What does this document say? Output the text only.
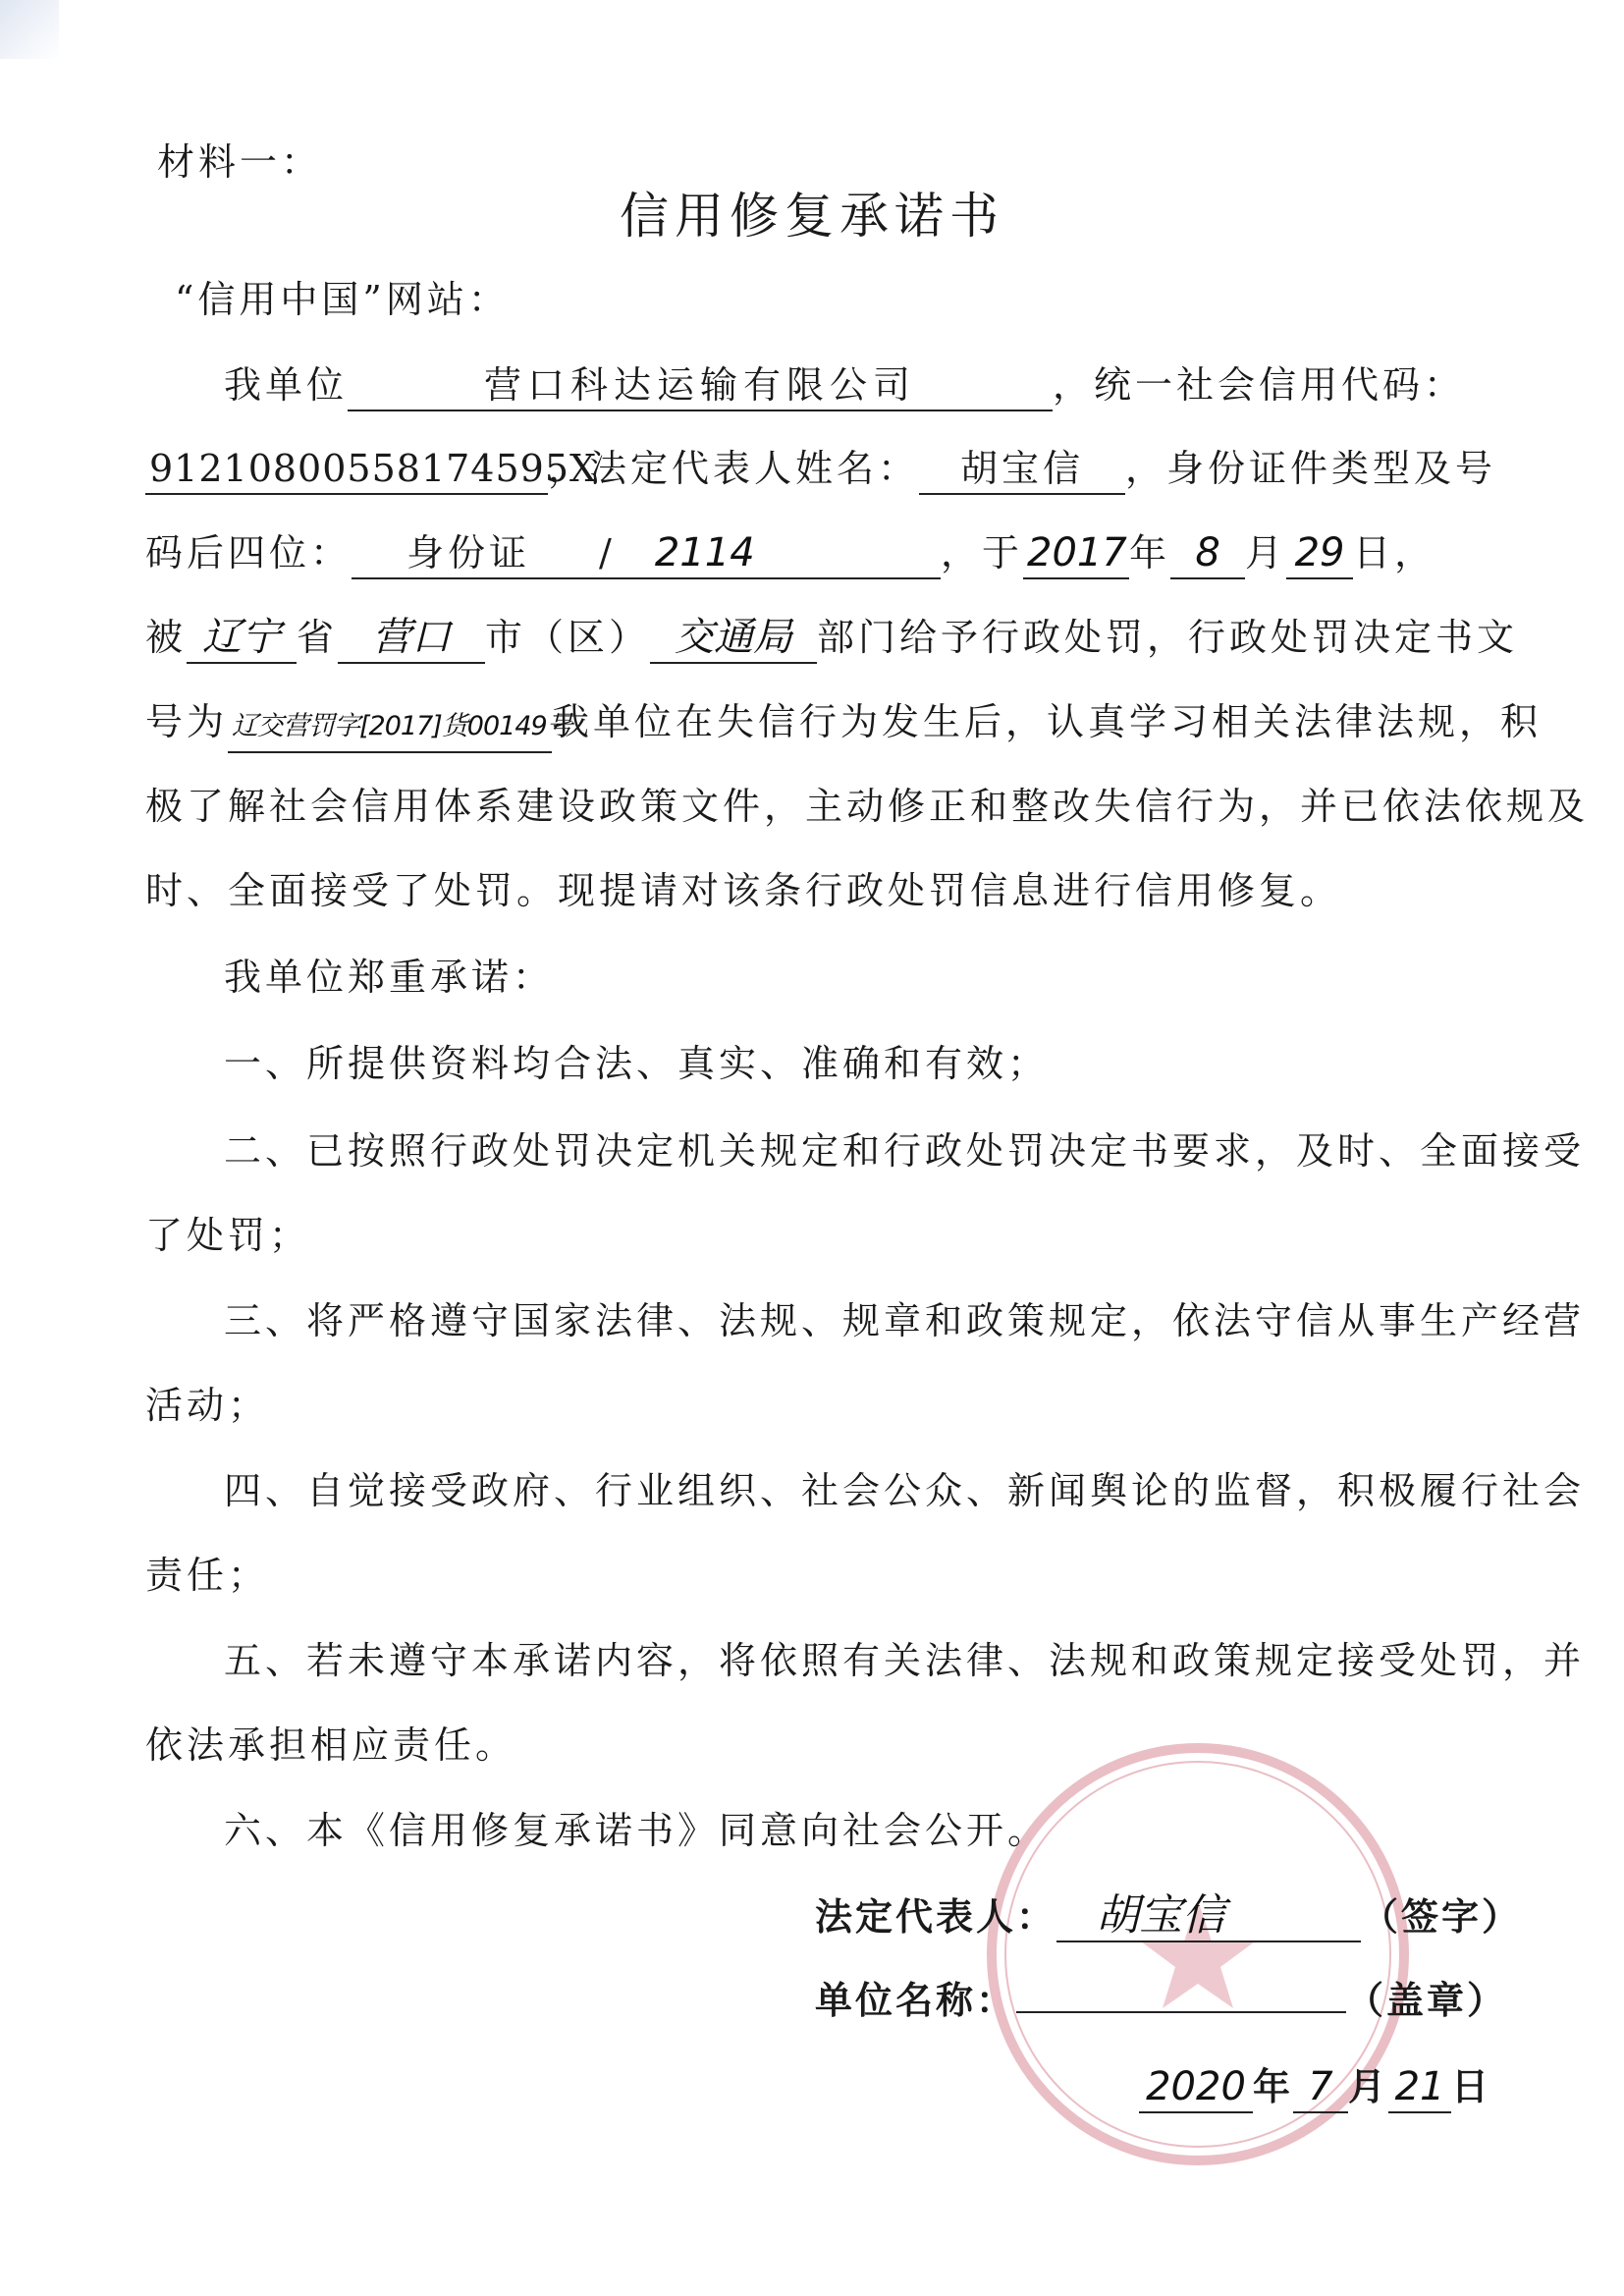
材料一：
信用修复承诺书
“信用中国”网站：
我单位	营口科达运输有限公司	，统一社会信用代码：
91210800558174595X，法定代表人姓名： 胡宝信 ，身份证件类型及号
码后四位： 身份证 / 2114	，于 2017年 8 月 29 日，
被 辽宁 省 营口 市（区） 交通局 部门给予行政处罚，行政处罚决定书文
号为 辽交营罚字[2017]货00149号我单位在失信行为发生后，认真学习相关法律法规，积
极了解社会信用体系建设政策文件，主动修正和整改失信行为，并已依法依规及
时、全面接受了处罚。现提请对该条行政处罚信息进行信用修复。
我单位郑重承诺：
一、所提供资料均合法、真实、准确和有效；
二、已按照行政处罚决定机关规定和行政处罚决定书要求，及时、全面接受
了处罚；
三、将严格遵守国家法律、法规、规章和政策规定，依法守信从事生产经营
活动；
四、自觉接受政府、行业组织、社会公众、新闻舆论的监督，积极履行社会
责任；
五、若未遵守本承诺内容，将依照有关法律、法规和政策规定接受处罚，并
依法承担相应责任。
六、本《信用修复承诺书》同意向社会公开。
法定代表人： 胡宝信	（签字）
单位名称：	（盖章）
2020 年 7 月 21 日
